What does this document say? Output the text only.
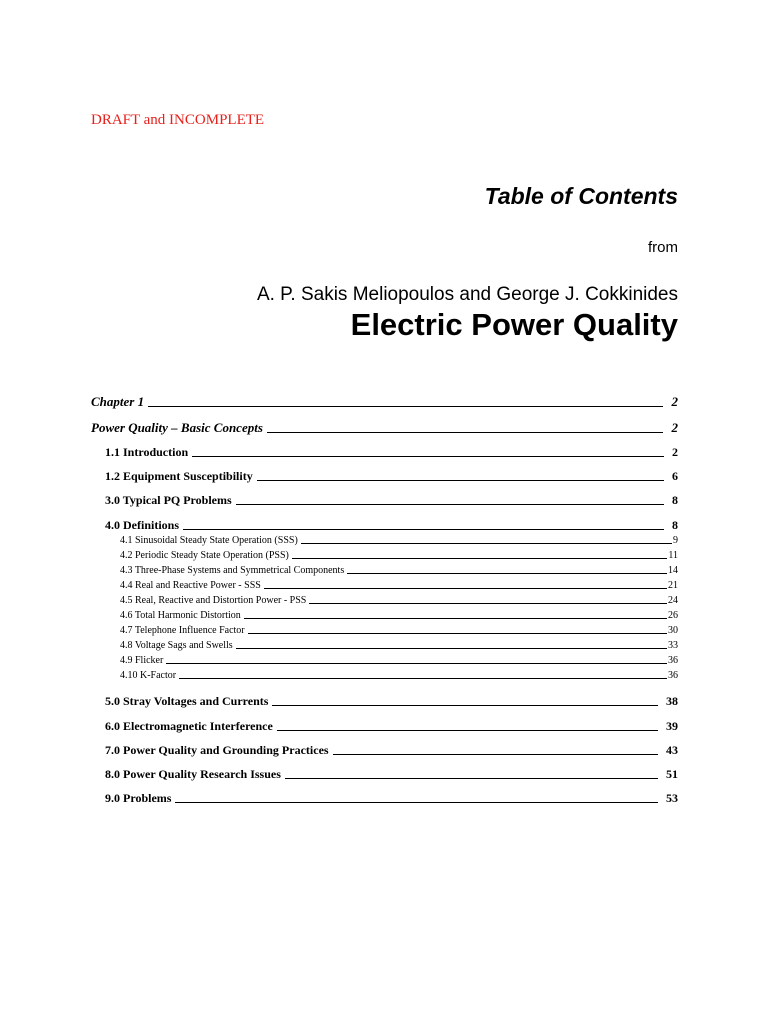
DRAFT and INCOMPLETE
Table of Contents
from
A. P. Sakis Meliopoulos and George J. Cokkinides
Electric Power Quality
Chapter 1	2
Power Quality – Basic Concepts	2
1.1 Introduction	2
1.2 Equipment Susceptibility	6
3.0 Typical PQ Problems	8
4.0 Definitions	8
4.1 Sinusoidal Steady State Operation (SSS)	9
4.2 Periodic Steady State Operation (PSS)	11
4.3 Three-Phase Systems and Symmetrical Components	14
4.4 Real and Reactive Power - SSS	21
4.5 Real, Reactive and Distortion Power - PSS	24
4.6 Total Harmonic Distortion	26
4.7 Telephone Influence Factor	30
4.8 Voltage Sags and Swells	33
4.9 Flicker	36
4.10 K-Factor	36
5.0 Stray Voltages and Currents	38
6.0 Electromagnetic Interference	39
7.0 Power Quality and Grounding Practices	43
8.0 Power Quality Research Issues	51
9.0 Problems	53
